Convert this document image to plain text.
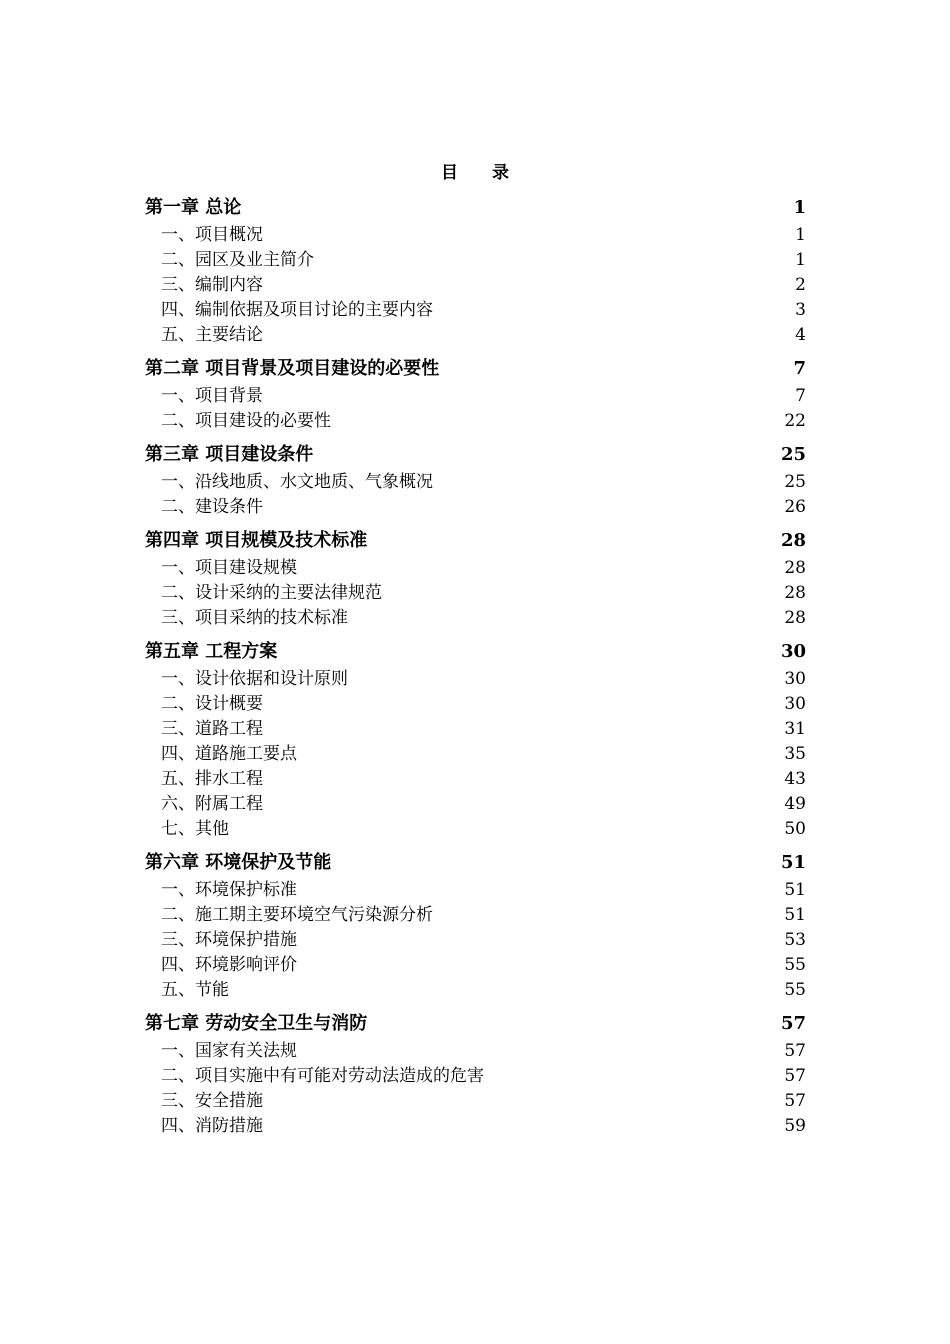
目 录
第一章 总论	1
一、项目概况	1
二、园区及业主简介	1
三、编制内容	2
四、编制依据及项目讨论的主要内容	3
五、主要结论	4
第二章 项目背景及项目建设的必要性	7
一、项目背景	7
二、项目建设的必要性	22
第三章 项目建设条件	25
一、沿线地质、水文地质、气象概况	25
二、建设条件	26
第四章 项目规模及技术标准	28
一、项目建设规模	28
二、设计采纳的主要法律规范	28
三、项目采纳的技术标准	28
第五章 工程方案	30
一、设计依据和设计原则	30
二、设计概要	30
三、道路工程	31
四、道路施工要点	35
五、排水工程	43
六、附属工程	49
七、其他	50
第六章 环境保护及节能	51
一、环境保护标准	51
二、施工期主要环境空气污染源分析	51
三、环境保护措施	53
四、环境影响评价	55
五、节能	55
第七章 劳动安全卫生与消防	57
一、国家有关法规	57
二、项目实施中有可能对劳动法造成的危害	57
三、安全措施	57
四、消防措施	59
